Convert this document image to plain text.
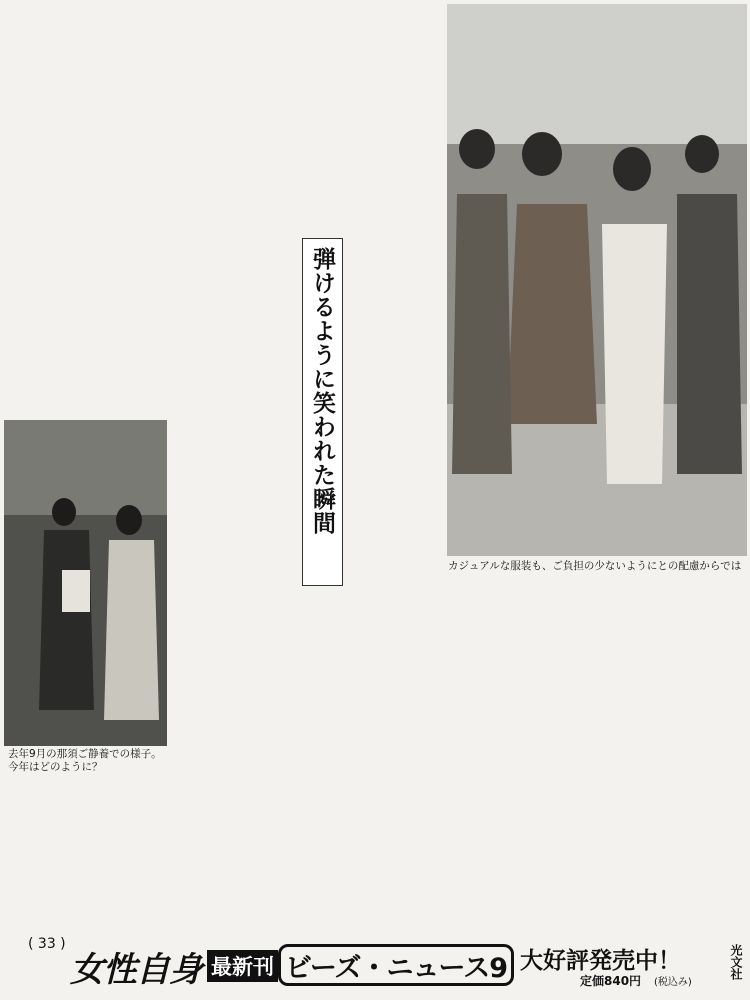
カジュアルな服装も、ご負担の少ないようにとの配慮からでは
弾けるように笑われた瞬間
去年9月の那須ご静養での様子。今年はどのように？
( 33 )
女性自身 最新刊 ビーズ・ニュース9 大好評発売中！
定価840円 (税込み)
光文社
